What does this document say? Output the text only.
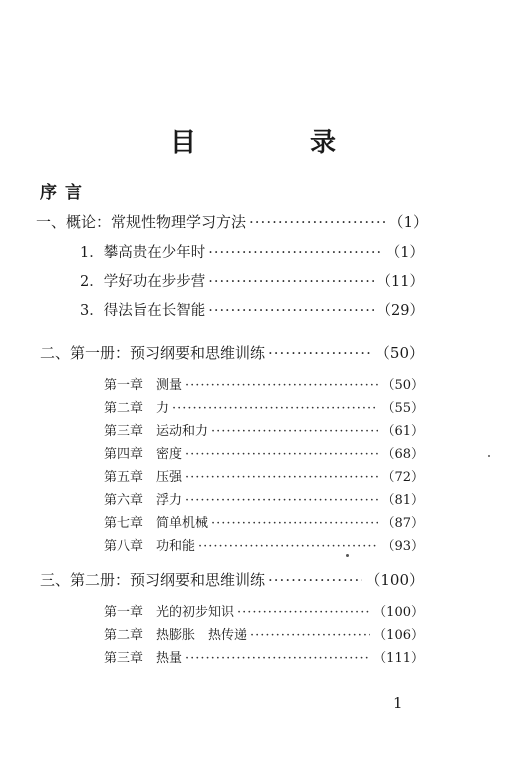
目　录
序言
一、概论：常规性物理学习方法 ·····	（1）
1．攀高贵在少年时 ·····	（1）
2．学好功在步步营 ·····	（11）
3．得法旨在长智能 ·····	（29）
二、第一册：预习纲要和思维训练 ·····	（50）
第一章　测量 ·····	（50）
第二章　力 ·····	（55）
第三章　运动和力 ·····	（61）
第四章　密度 ·····	（68）
第五章　压强 ·····	（72）
第六章　浮力 ·····	（81）
第七章　简单机械 ·····	（87）
第八章　功和能 ·····	（93）
三、第二册：预习纲要和思维训练 ·····	（100）
第一章　光的初步知识 ·····	（100）
第二章　热膨胀　热传递 ·····	（106）
第三章　热量 ·····	（111）
1
